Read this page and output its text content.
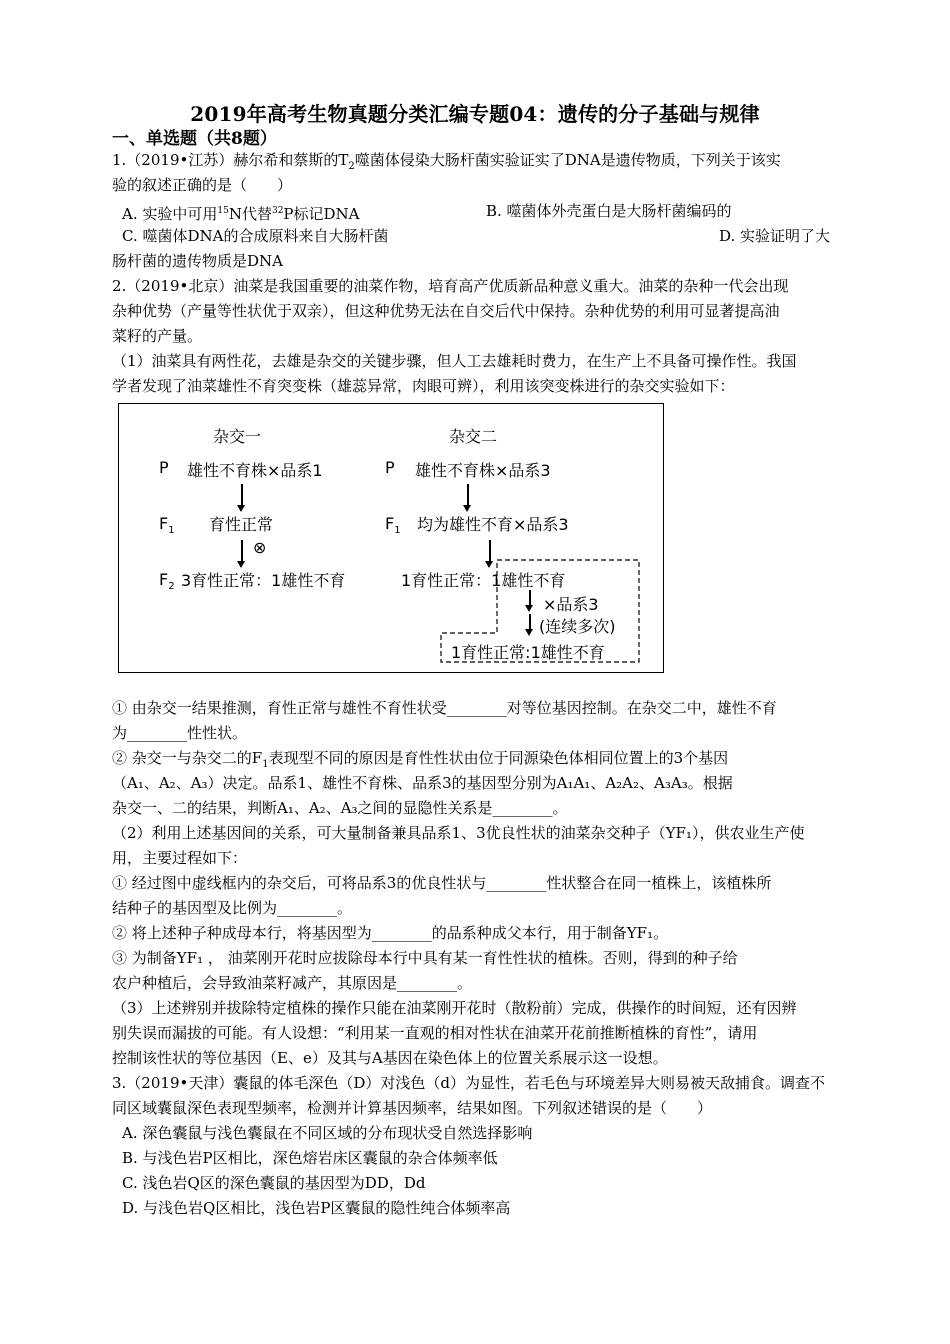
2019年高考生物真题分类汇编专题04：遗传的分子基础与规律
一、单选题（共8题）
1.（2019•江苏）赫尔希和蔡斯的$T_2$噬菌体侵染大肠杆菌实验证实了DNA是遗传物质，下列关于该实
验的叙述正确的是（　　）
A. 实验中可用$^{15}$N代替$^{32}$P标记DNA	B. 噬菌体外壳蛋白是大肠杆菌编码的
C. 噬菌体DNA的合成原料来自大肠杆菌	D. 实验证明了大
肠杆菌的遗传物质是DNA
2.（2019•北京）油菜是我国重要的油菜作物，培育高产优质新品种意义重大。油菜的杂种一代会出现
杂种优势（产量等性状优于双亲），但这种优势无法在自交后代中保持。杂种优势的利用可显著提高油
菜籽的产量。
（1）油菜具有两性花，去雄是杂交的关键步骤，但人工去雄耗时费力，在生产上不具备可操作性。我国
学者发现了油菜雄性不育突变株（雄蕊异常，肉眼可辨），利用该突变株进行的杂交实验如下：
杂交一	杂交二
P 雄性不育株×品系1	P 雄性不育株×品系3
$F_1$ 育性正常	$F_1$ 均为雄性不育×品系3
⊗
$F_2$ 3育性正常：1雄性不育	1育性正常：1雄性不育
×品系3
(连续多次)
1育性正常:1雄性不育
① 由杂交一结果推测，育性正常与雄性不育性状受________对等位基因控制。在杂交二中，雄性不育
为________性性状。
② 杂交一与杂交二的$F_1$表现型不同的原因是育性性状由位于同源染色体相同位置上的3个基因
（A₁、A₂、A₃）决定。品系1、雄性不育株、品系3的基因型分别为A₁A₁、A₂A₂、A₃A₃。根据
杂交一、二的结果，判断A₁、A₂、A₃之间的显隐性关系是________。
（2）利用上述基因间的关系，可大量制备兼具品系1、3优良性状的油菜杂交种子（YF₁），供农业生产使
用，主要过程如下：
① 经过图中虚线框内的杂交后，可将品系3的优良性状与________性状整合在同一植株上，该植株所
结种子的基因型及比例为________。
② 将上述种子种成母本行，将基因型为________的品系种成父本行，用于制备YF₁。
③ 为制备YF₁ ， 油菜刚开花时应拔除母本行中具有某一育性性状的植株。否则，得到的种子给
农户种植后，会导致油菜籽减产，其原因是________。
（3）上述辨别并拔除特定植株的操作只能在油菜刚开花时（散粉前）完成，供操作的时间短，还有因辨
别失误而漏拔的可能。有人设想：“利用某一直观的相对性状在油菜开花前推断植株的育性”，请用
控制该性状的等位基因（E、e）及其与A基因在染色体上的位置关系展示这一设想。
3.（2019•天津）囊鼠的体毛深色（D）对浅色（d）为显性，若毛色与环境差异大则易被天敌捕食。调查不
同区域囊鼠深色表现型频率，检测并计算基因频率，结果如图。下列叙述错误的是（　　）
A. 深色囊鼠与浅色囊鼠在不同区域的分布现状受自然选择影响
B. 与浅色岩P区相比，深色熔岩床区囊鼠的杂合体频率低
C. 浅色岩Q区的深色囊鼠的基因型为DD，Dd
D. 与浅色岩Q区相比，浅色岩P区囊鼠的隐性纯合体频率高
